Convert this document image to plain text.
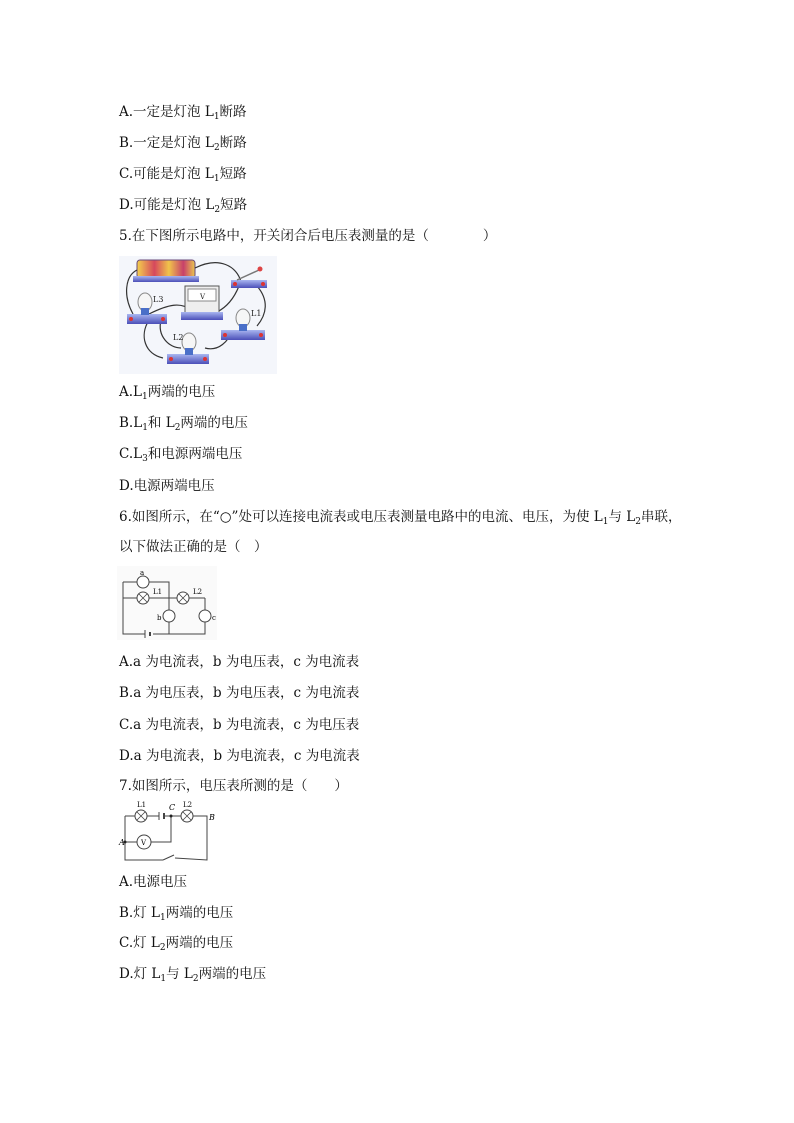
A.一定是灯泡 $L_1$断路
B.一定是灯泡 $L_2$断路
C.可能是灯泡 $L_1$短路
D.可能是灯泡 $L_2$短路
5.在下图所示电路中，开关闭合后电压表测量的是（　　　　）
L3	V
L1
L2
$A.L_1$两端的电压
$B.L_1$和 $L_2$两端的电压
$C.L_3$和电源两端电压
D.电源两端电压
6.如图所示，在“○”处可以连接电流表或电压表测量电路中的电流、电压，为使 $L_1$与 $L_2$串联，
以下做法正确的是（　）
a
L1	L2
b	c
A.a 为电流表，b 为电压表，c 为电流表
B.a 为电压表，b 为电压表，c 为电流表
C.a 为电流表，b 为电流表，c 为电压表
D.a 为电流表，b 为电流表，c 为电流表
7.如图所示，电压表所测的是（　　）
L1	C L2
B
V
A
A.电源电压
B.灯 $L_1$两端的电压
C.灯 $L_2$两端的电压
D.灯 $L_1$与 $L_2$两端的电压
